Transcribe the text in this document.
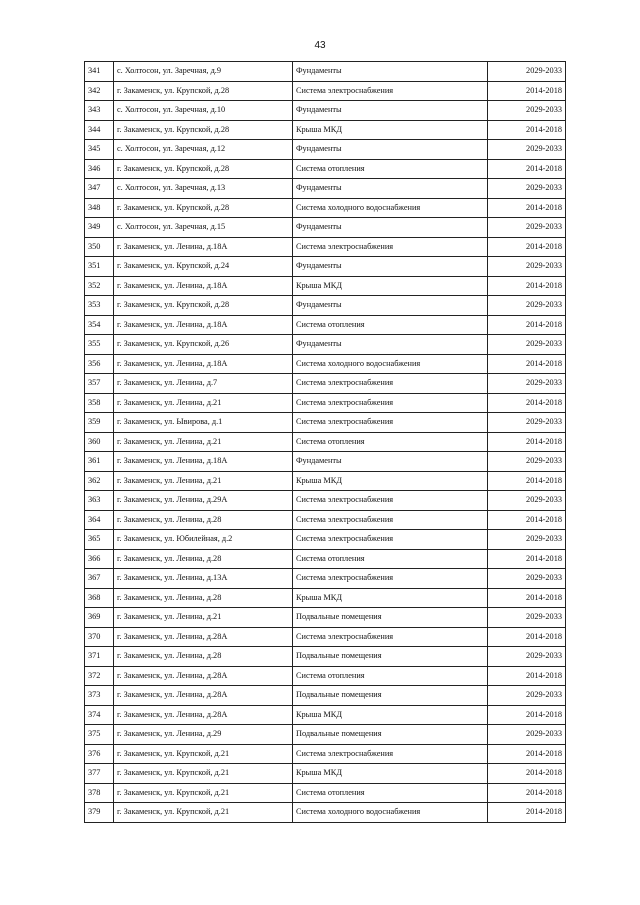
43
341	с. Холтосон, ул. Заречная, д.9	Фундаменты	2029-2033
342	г. Закаменск, ул. Крупской, д.28	Система электроснабжения	2014-2018
343	с. Холтосон, ул. Заречная, д.10	Фундаменты	2029-2033
344	г. Закаменск, ул. Крупской, д.28	Крыша МКД	2014-2018
345	с. Холтосон, ул. Заречная, д.12	Фундаменты	2029-2033
346	г. Закаменск, ул. Крупской, д.28	Система отопления	2014-2018
347	с. Холтосон, ул. Заречная, д.13	Фундаменты	2029-2033
348	г. Закаменск, ул. Крупской, д.28	Система холодного водоснабжения	2014-2018
349	с. Холтосон, ул. Заречная, д.15	Фундаменты	2029-2033
350	г. Закаменск, ул. Ленина, д.18А	Система электроснабжения	2014-2018
351	г. Закаменск, ул. Крупской, д.24	Фундаменты	2029-2033
352	г. Закаменск, ул. Ленина, д.18А	Крыша МКД	2014-2018
353	г. Закаменск, ул. Крупской, д.28	Фундаменты	2029-2033
354	г. Закаменск, ул. Ленина, д.18А	Система отопления	2014-2018
355	г. Закаменск, ул. Крупской, д.26	Фундаменты	2029-2033
356	г. Закаменск, ул. Ленина, д.18А	Система холодного водоснабжения	2014-2018
357	г. Закаменск, ул. Ленина, д.7	Система электроснабжения	2029-2033
358	г. Закаменск, ул. Ленина, д.21	Система электроснабжения	2014-2018
359	г. Закаменск, ул. Ывирова, д.1	Система электроснабжения	2029-2033
360	г. Закаменск, ул. Ленина, д.21	Система отопления	2014-2018
361	г. Закаменск, ул. Ленина, д.18А	Фундаменты	2029-2033
362	г. Закаменск, ул. Ленина, д.21	Крыша МКД	2014-2018
363	г. Закаменск, ул. Ленина, д.29А	Система электроснабжения	2029-2033
364	г. Закаменск, ул. Ленина, д.28	Система электроснабжения	2014-2018
365	г. Закаменск, ул. Юбилейная, д.2	Система электроснабжения	2029-2033
366	г. Закаменск, ул. Ленина, д.28	Система отопления	2014-2018
367	г. Закаменск, ул. Ленина, д.13А	Система электроснабжения	2029-2033
368	г. Закаменск, ул. Ленина, д.28	Крыша МКД	2014-2018
369	г. Закаменск, ул. Ленина, д.21	Подвальные помещения	2029-2033
370	г. Закаменск, ул. Ленина, д.28А	Система электроснабжения	2014-2018
371	г. Закаменск, ул. Ленина, д.28	Подвальные помещения	2029-2033
372	г. Закаменск, ул. Ленина, д.28А	Система отопления	2014-2018
373	г. Закаменск, ул. Ленина, д.28А	Подвальные помещения	2029-2033
374	г. Закаменск, ул. Ленина, д.28А	Крыша МКД	2014-2018
375	г. Закаменск, ул. Ленина, д.29	Подвальные помещения	2029-2033
376	г. Закаменск, ул. Крупской, д.21	Система электроснабжения	2014-2018
377	г. Закаменск, ул. Крупской, д.21	Крыша МКД	2014-2018
378	г. Закаменск, ул. Крупской, д.21	Система отопления	2014-2018
379	г. Закаменск, ул. Крупской, д.21	Система холодного водоснабжения	2014-2018
